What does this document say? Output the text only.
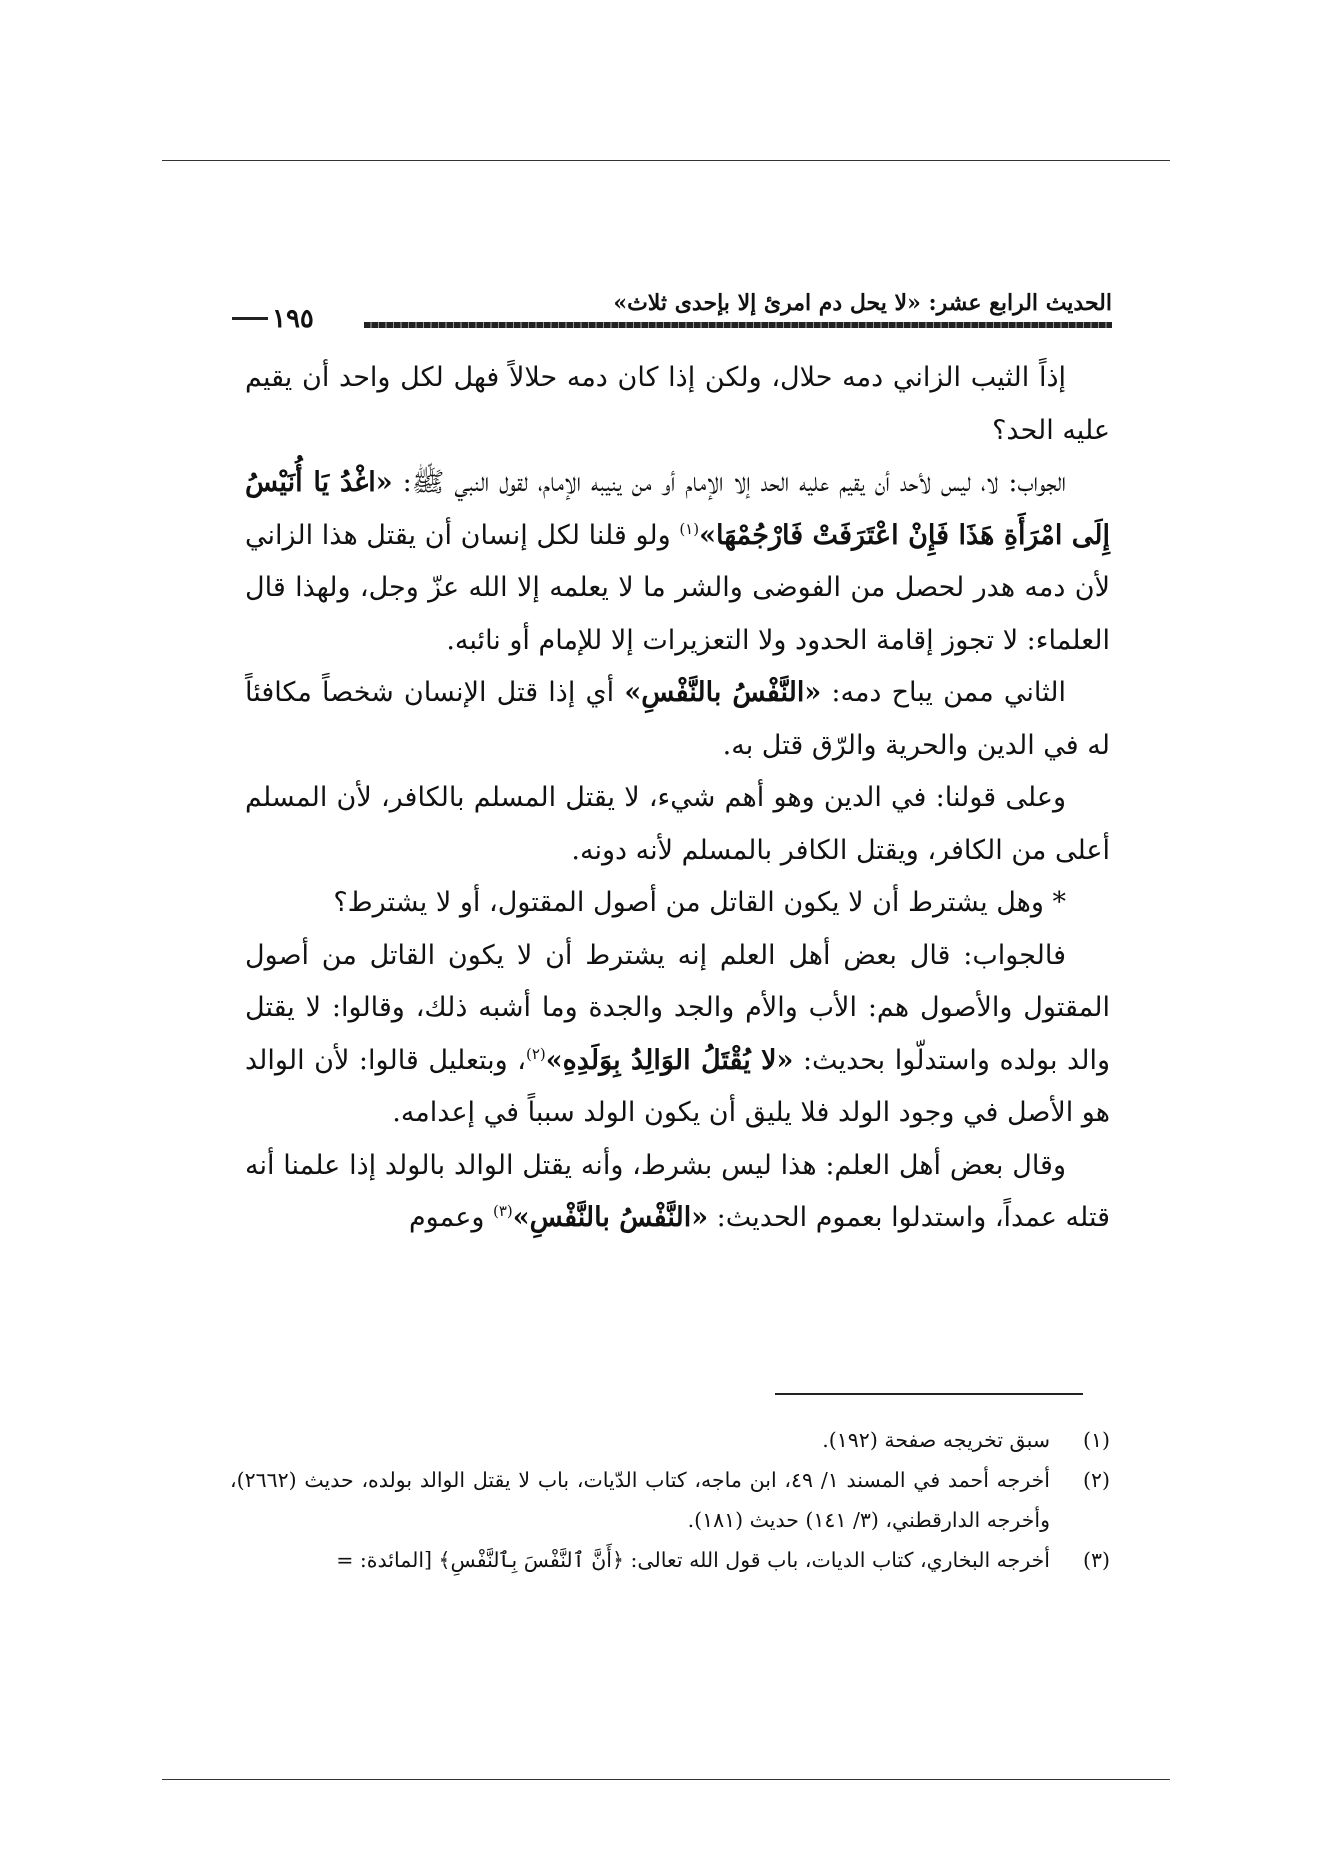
الحديث الرابع عشر: «لا يحل دم امرئ إلا بإحدى ثلاث»
١٩٥

إذاً الثيب الزاني دمه حلال، ولكن إذا كان دمه حلالاً فهل لكل واحد أن يقيم عليه الحد؟

الجواب: لا، ليس لأحد أن يقيم عليه الحد إلا الإمام أو من ينيبه الإمام، لقول النبي ﷺ: «اغْدُ يَا أُنَيْسُ إِلَى امْرَأَةِ هَذَا فَإِنْ اعْتَرَفَتْ فَارْجُمْهَا»$^{(١)}$ ولو قلنا لكل إنسان أن يقتل هذا الزاني لأن دمه هدر لحصل من الفوضى والشر ما لا يعلمه إلا الله عزّ وجل، ولهذا قال العلماء: لا تجوز إقامة الحدود ولا التعزيرات إلا للإمام أو نائبه.

الثاني ممن يباح دمه: «النَّفْسُ بالنَّفْسِ» أي إذا قتل الإنسان شخصاً مكافئاً له في الدين والحرية والرّق قتل به.

وعلى قولنا: في الدين وهو أهم شيء، لا يقتل المسلم بالكافر، لأن المسلم أعلى من الكافر، ويقتل الكافر بالمسلم لأنه دونه.

* وهل يشترط أن لا يكون القاتل من أصول المقتول، أو لا يشترط؟

فالجواب: قال بعض أهل العلم إنه يشترط أن لا يكون القاتل من أصول المقتول والأصول هم: الأب والأم والجد والجدة وما أشبه ذلك، وقالوا: لا يقتل والد بولده واستدلّوا بحديث: «لا يُقْتَلُ الوَالِدُ بِوَلَدِهِ»$^{(٢)}$، وبتعليل قالوا: لأن الوالد هو الأصل في وجود الولد فلا يليق أن يكون الولد سبباً في إعدامه.

وقال بعض أهل العلم: هذا ليس بشرط، وأنه يقتل الوالد بالولد إذا علمنا أنه قتله عمداً، واستدلوا بعموم الحديث: «النَّفْسُ بالنَّفْسِ»$^{(٣)}$ وعموم

(١)
سبق تخريجه صفحة (١٩٢).
(٢)
أخرجه أحمد في المسند ١/ ٤٩، ابن ماجه، كتاب الدّيات، باب لا يقتل الوالد بولده، حديث (٢٦٦٢)، وأخرجه الدارقطني، (٣/ ١٤١) حديث (١٨١).
(٣)
أخرجه البخاري، كتاب الديات، باب قول الله تعالى: ﴿أَنَّ ٱلنَّفْسَ بِٱلنَّفْسِ﴾ [المائدة: =
